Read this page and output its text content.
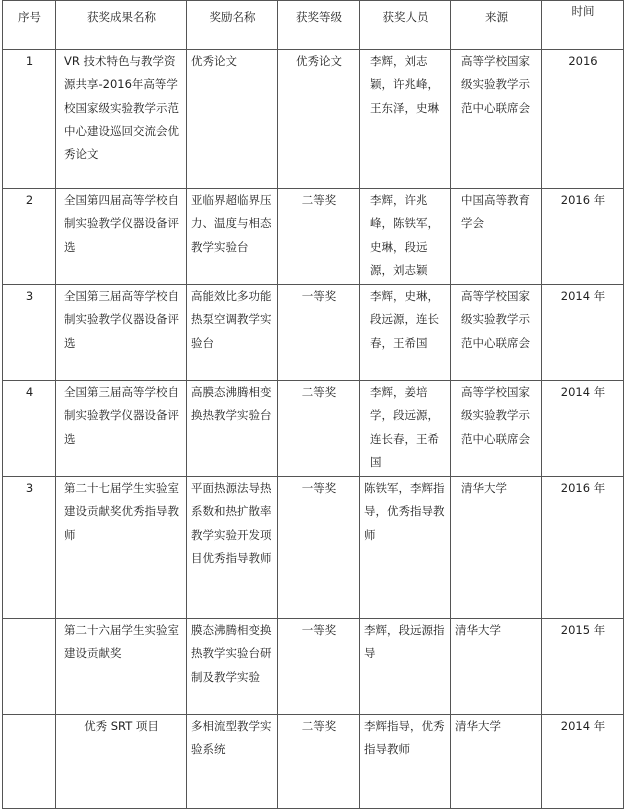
序号	获奖成果名称	奖励名称	获奖等级	获奖人员	来源	时间
1	VR 技术特色与教学资源共享-2016年高等学校国家级实验教学示范中心建设巡回交流会优秀论文	优秀论文	优秀论文	李辉，刘志颖，许兆峰，王东泽，史琳	高等学校国家级实验教学示范中心联席会	2016
2	全国第四届高等学校自制实验教学仪器设备评选	亚临界超临界压力、温度与相态教学实验台	二等奖	李辉，许兆峰，陈铁军，史琳，段远源，刘志颖	中国高等教育学会	2016 年
3	全国第三届高等学校自制实验教学仪器设备评选	高能效比多功能热泵空调教学实验台	一等奖	李辉，史琳，段远源，连长春，王希国	高等学校国家级实验教学示范中心联席会	2014 年
4	全国第三届高等学校自制实验教学仪器设备评选	高膜态沸腾相变换热教学实验台	二等奖	李辉，姜培学，段远源，连长春，王希国	高等学校国家级实验教学示范中心联席会	2014 年
3	第二十七届学生实验室建设贡献奖优秀指导教师	平面热源法导热系数和热扩散率教学实验开发项目优秀指导教师	一等奖	陈铁军，李辉指导，优秀指导教师	清华大学	2016 年
	第二十六届学生实验室建设贡献奖	膜态沸腾相变换热教学实验台研制及教学实验	一等奖	李辉，段远源指导	清华大学	2015 年
	优秀 SRT 项目	多相流型教学实验系统	二等奖	李辉指导，优秀指导教师	清华大学	2014 年
